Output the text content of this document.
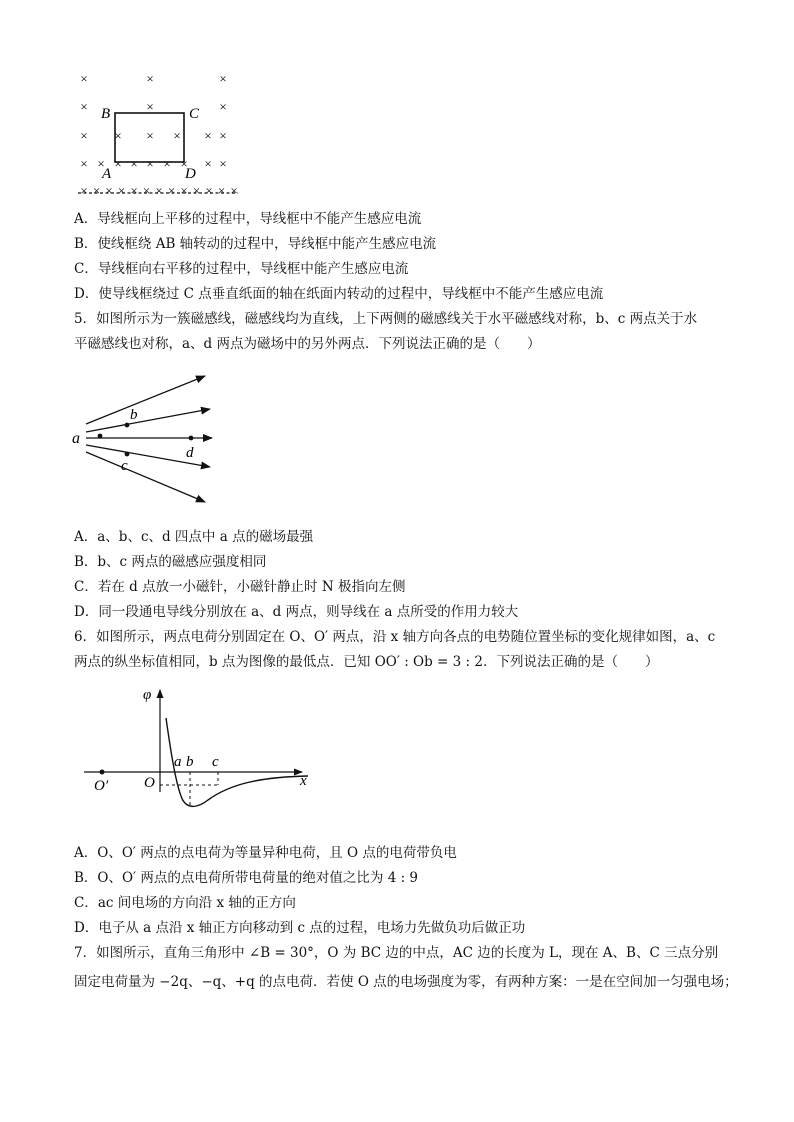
×	×	×
×	×	×
× × × × × ×
× × × × × × × × ×
× × × × × × × × × × × × ×
B	C
A	D
A．导线框向上平移的过程中，导线框中不能产生感应电流
B．使线框绕 AB 轴转动的过程中，导线框中能产生感应电流
C．导线框向右平移的过程中，导线框中能产生感应电流
D．使导线框绕过 C 点垂直纸面的轴在纸面内转动的过程中，导线框中不能产生感应电流
5．如图所示为一簇磁感线，磁感线均为直线，上下两侧的磁感线关于水平磁感线对称，b、c 两点关于水
平磁感线也对称，a、d 两点为磁场中的另外两点．下列说法正确的是（　　）
a
b
c
d
A．a、b、c、d 四点中 a 点的磁场最强
B．b、c 两点的磁感应强度相同
C．若在 d 点放一小磁针，小磁针静止时 N 极指向左侧
D．同一段通电导线分别放在 a、d 两点，则导线在 a 点所受的作用力较大
6．如图所示，两点电荷分别固定在 O、O′ 两点，沿 x 轴方向各点的电势随位置坐标的变化规律如图，a、c
两点的纵坐标值相同，b 点为图像的最低点．已知 OO′ : Ob = 3 : 2．下列说法正确的是（　　）
φ
O′ O
a b c
x
A．O、O′ 两点的点电荷为等量异种电荷，且 O 点的电荷带负电
B．O、O′ 两点的点电荷所带电荷量的绝对值之比为 4 : 9
C．ac 间电场的方向沿 x 轴的正方向
D．电子从 a 点沿 x 轴正方向移动到 c 点的过程，电场力先做负功后做正功
7．如图所示，直角三角形中 ∠B = 30°，O 为 BC 边的中点，AC 边的长度为 L，现在 A、B、C 三点分别
固定电荷量为 −2q、−q、+q 的点电荷．若使 O 点的电场强度为零，有两种方案：一是在空间加一匀强电场；
